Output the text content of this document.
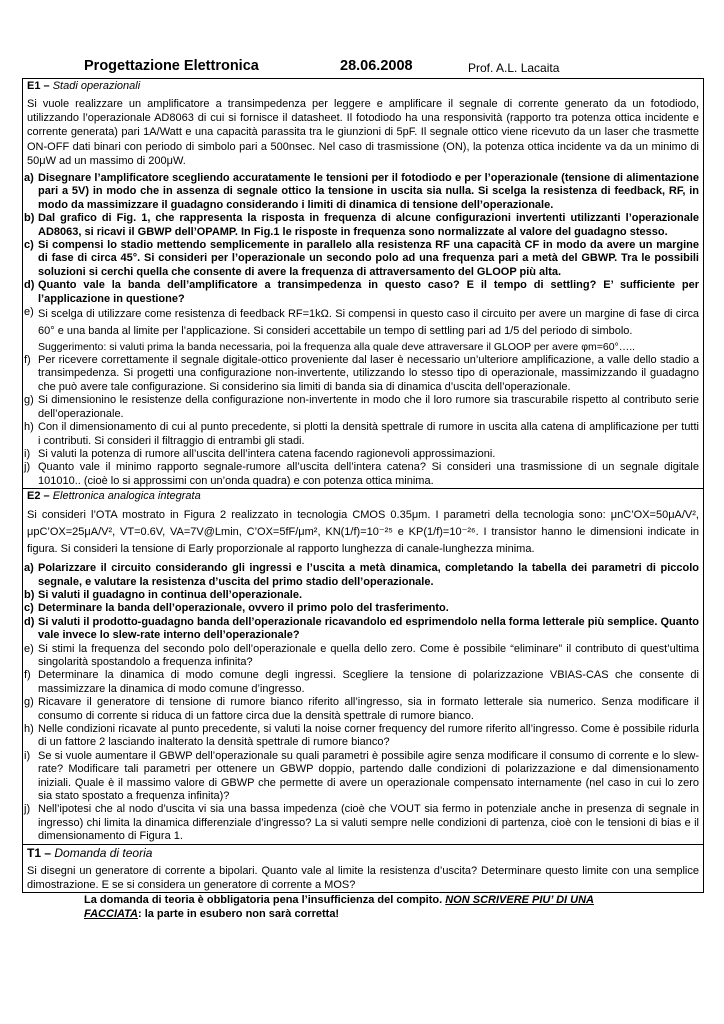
Progettazione Elettronica	28.06.2008	Prof. A.L. Lacaita
E1 – Stadi operazionali
Si vuole realizzare un amplificatore a transimpedenza per leggere e amplificare il segnale di corrente generato da un fotodiodo, utilizzando l’operazionale AD8063 di cui si fornisce il datasheet. Il fotodiodo ha una responsività (rapporto tra potenza ottica incidente e corrente generata) pari 1A/Watt e una capacità parassita tra le giunzioni di 5pF. Il segnale ottico viene ricevuto da un laser che trasmette ON-OFF dati binari con periodo di simbolo pari a 500nsec. Nel caso di trasmissione (ON), la potenza ottica incidente va da un minimo di 50μW ad un massimo di 200μW.
a) Disegnare l’amplificatore scegliendo accuratamente le tensioni per il fotodiodo e per l’operazionale (tensione di alimentazione pari a 5V) in modo che in assenza di segnale ottico la tensione in uscita sia nulla. Si scelga la resistenza di feedback, RF, in modo da massimizzare il guadagno considerando i limiti di dinamica di tensione dell’operazionale.
b) Dal grafico di Fig. 1, che rappresenta la risposta in frequenza di alcune configurazioni invertenti utilizzanti l’operazionale AD8063, si ricavi il GBWP dell’OPAMP. In Fig.1 le risposte in frequenza sono normalizzate al valore del guadagno stesso.
c) Si compensi lo stadio mettendo semplicemente in parallelo alla resistenza RF una capacità CF in modo da avere un margine di fase di circa 45°. Si consideri per l’operazionale un secondo polo ad una frequenza pari a metà del GBWP. Tra le possibili soluzioni si cerchi quella che consente di avere la frequenza di attraversamento del GLOOP più alta.
d) Quanto vale la banda dell’amplificatore a transimpedenza in questo caso? E il tempo di settling? E’ sufficiente per l’applicazione in questione?
e) Si scelga di utilizzare come resistenza di feedback RF=1kΩ. Si compensi in questo caso il circuito per avere un margine di fase di circa 60° e una banda al limite per l’applicazione. Si consideri accettabile un tempo di settling pari ad 1/5 del periodo di simbolo.
Suggerimento: si valuti prima la banda necessaria, poi la frequenza alla quale deve attraversare il GLOOP per avere φm=60°…..
f) Per ricevere correttamente il segnale digitale-ottico proveniente dal laser è necessario un’ulteriore amplificazione, a valle dello stadio a transimpedenza. Si progetti una configurazione non-invertente, utilizzando lo stesso tipo di operazionale, massimizzando il guadagno che può avere tale configurazione. Si considerino sia limiti di banda sia di dinamica d’uscita dell’operazionale.
g) Si dimensionino le resistenze della configurazione non-invertente in modo che il loro rumore sia trascurabile rispetto al contributo serie dell’operazionale.
h) Con il dimensionamento di cui al punto precedente, si plotti la densità spettrale di rumore in uscita alla catena di amplificazione per tutti i contributi. Si consideri il filtraggio di entrambi gli stadi.
i) Si valuti la potenza di rumore all’uscita dell’intera catena facendo ragionevoli approssimazioni.
j) Quanto vale il minimo rapporto segnale-rumore all’uscita dell’intera catena? Si consideri una trasmissione di un segnale digitale 101010.. (cioè lo si approssimi con un’onda quadra) e con potenza ottica minima.
E2 – Elettronica analogica integrata
Si consideri l’OTA mostrato in Figura 2 realizzato in tecnologia CMOS 0.35μm. I parametri della tecnologia sono: μnC’OX=50μA/V², μpC’OX=25μA/V², VT=0.6V, VA=7V@Lmin, C’OX=5fF/μm², KN(1/f)=10⁻²⁵ e KP(1/f)=10⁻²⁶. I transistor hanno le dimensioni indicate in figura. Si consideri la tensione di Early proporzionale al rapporto lunghezza di canale-lunghezza minima.
a) Polarizzare il circuito considerando gli ingressi e l’uscita a metà dinamica, completando la tabella dei parametri di piccolo segnale, e valutare la resistenza d’uscita del primo stadio dell’operazionale.
b) Si valuti il guadagno in continua dell’operazionale.
c) Determinare la banda dell’operazionale, ovvero il primo polo del trasferimento.
d) Si valuti il prodotto-guadagno banda dell’operazionale ricavandolo ed esprimendolo nella forma letterale più semplice. Quanto vale invece lo slew-rate interno dell’operazionale?
e) Si stimi la frequenza del secondo polo dell’operazionale e quella dello zero. Come è possibile “eliminare” il contributo di quest’ultima singolarità spostandolo a frequenza infinita?
f) Determinare la dinamica di modo comune degli ingressi. Scegliere la tensione di polarizzazione VBIAS-CAS che consente di massimizzare la dinamica di modo comune d’ingresso.
g) Ricavare il generatore di tensione di rumore bianco riferito all’ingresso, sia in formato letterale sia numerico. Senza modificare il consumo di corrente si riduca di un fattore circa due la densità spettrale di rumore bianco.
h) Nelle condizioni ricavate al punto precedente, si valuti la noise corner frequency del rumore riferito all’ingresso. Come è possibile ridurla di un fattore 2 lasciando inalterato la densità spettrale di rumore bianco?
i) Se si vuole aumentare il GBWP dell’operazionale su quali parametri è possibile agire senza modificare il consumo di corrente e lo slew-rate? Modificare tali parametri per ottenere un GBWP doppio, partendo dalle condizioni di polarizzazione e dal dimensionamento iniziali. Quale è il massimo valore di GBWP che permette di avere un operazionale compensato internamente (nel caso in cui lo zero sia stato spostato a frequenza infinita)?
j) Nell’ipotesi che al nodo d’uscita vi sia una bassa impedenza (cioè che VOUT sia fermo in potenziale anche in presenza di segnale in ingresso) chi limita la dinamica differenziale d’ingresso? La si valuti sempre nelle condizioni di partenza, cioè con le tensioni di bias e il dimensionamento di Figura 1.
T1 – Domanda di teoria
Si disegni un generatore di corrente a bipolari. Quanto vale al limite la resistenza d’uscita? Determinare questo limite con una semplice dimostrazione. E se si considera un generatore di corrente a MOS?
La domanda di teoria è obbligatoria pena l’insufficienza del compito. NON SCRIVERE PIU’ DI UNA FACCIATA: la parte in esubero non sarà corretta!
